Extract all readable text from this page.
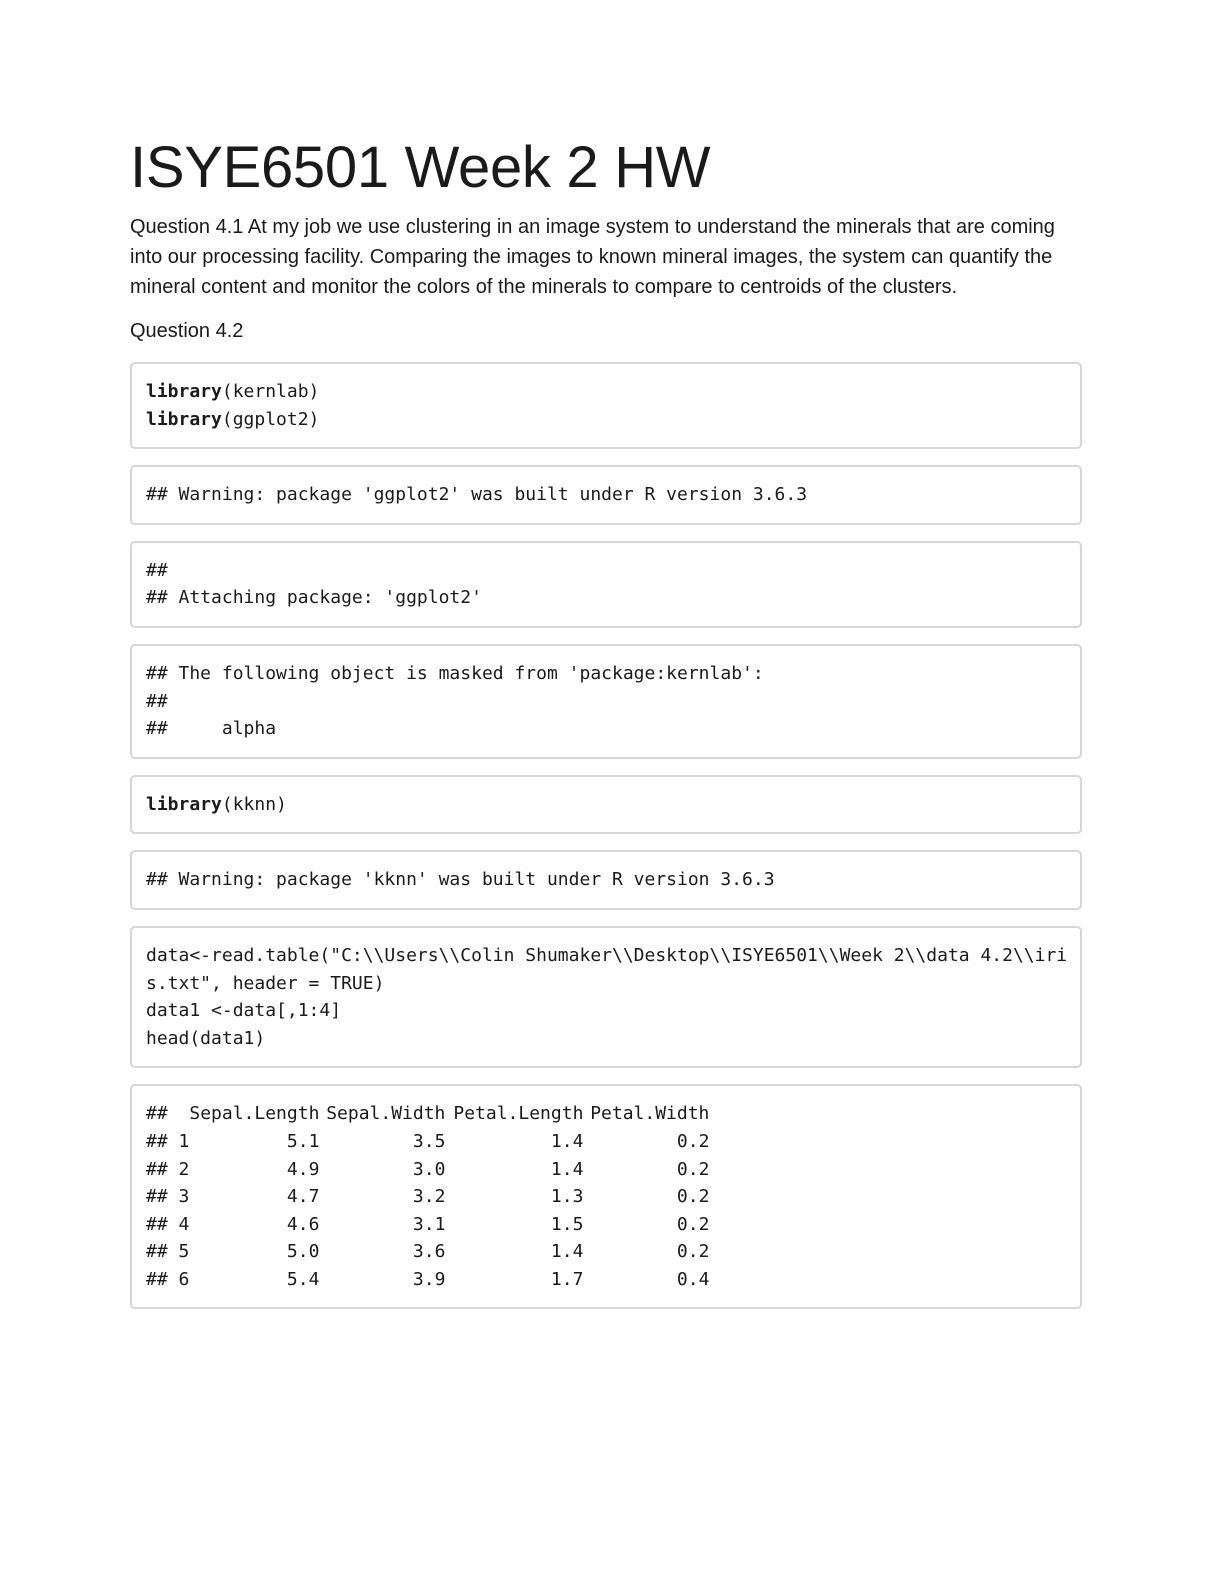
ISYE6501 Week 2 HW

Question 4.1 At my job we use clustering in an image system to understand the minerals that are coming into our processing facility. Comparing the images to known mineral images, the system can quantify the mineral content and monitor the colors of the minerals to compare to centroids of the clusters.

Question 4.2

library(kernlab)
library(ggplot2)
## Warning: package 'ggplot2' was built under R version 3.6.3
##
## Attaching package: 'ggplot2'
## The following object is masked from 'package:kernlab':
##
##     alpha
library(kknn)
## Warning: package 'kknn' was built under R version 3.6.3
data<-read.table("C:\\Users\\Colin Shumaker\\Desktop\\ISYE6501\\Week 2\\data 4.2\\iri
s.txt", header = TRUE)
data1 <-data[,1:4]
head(data1)
##	Sepal.Length	Sepal.Width	Petal.Length	Petal.Width
## 1	5.1	3.5	1.4	0.2
## 2	4.9	3.0	1.4	0.2
## 3	4.7	3.2	1.3	0.2
## 4	4.6	3.1	1.5	0.2
## 5	5.0	3.6	1.4	0.2
## 6	5.4	3.9	1.7	0.4
